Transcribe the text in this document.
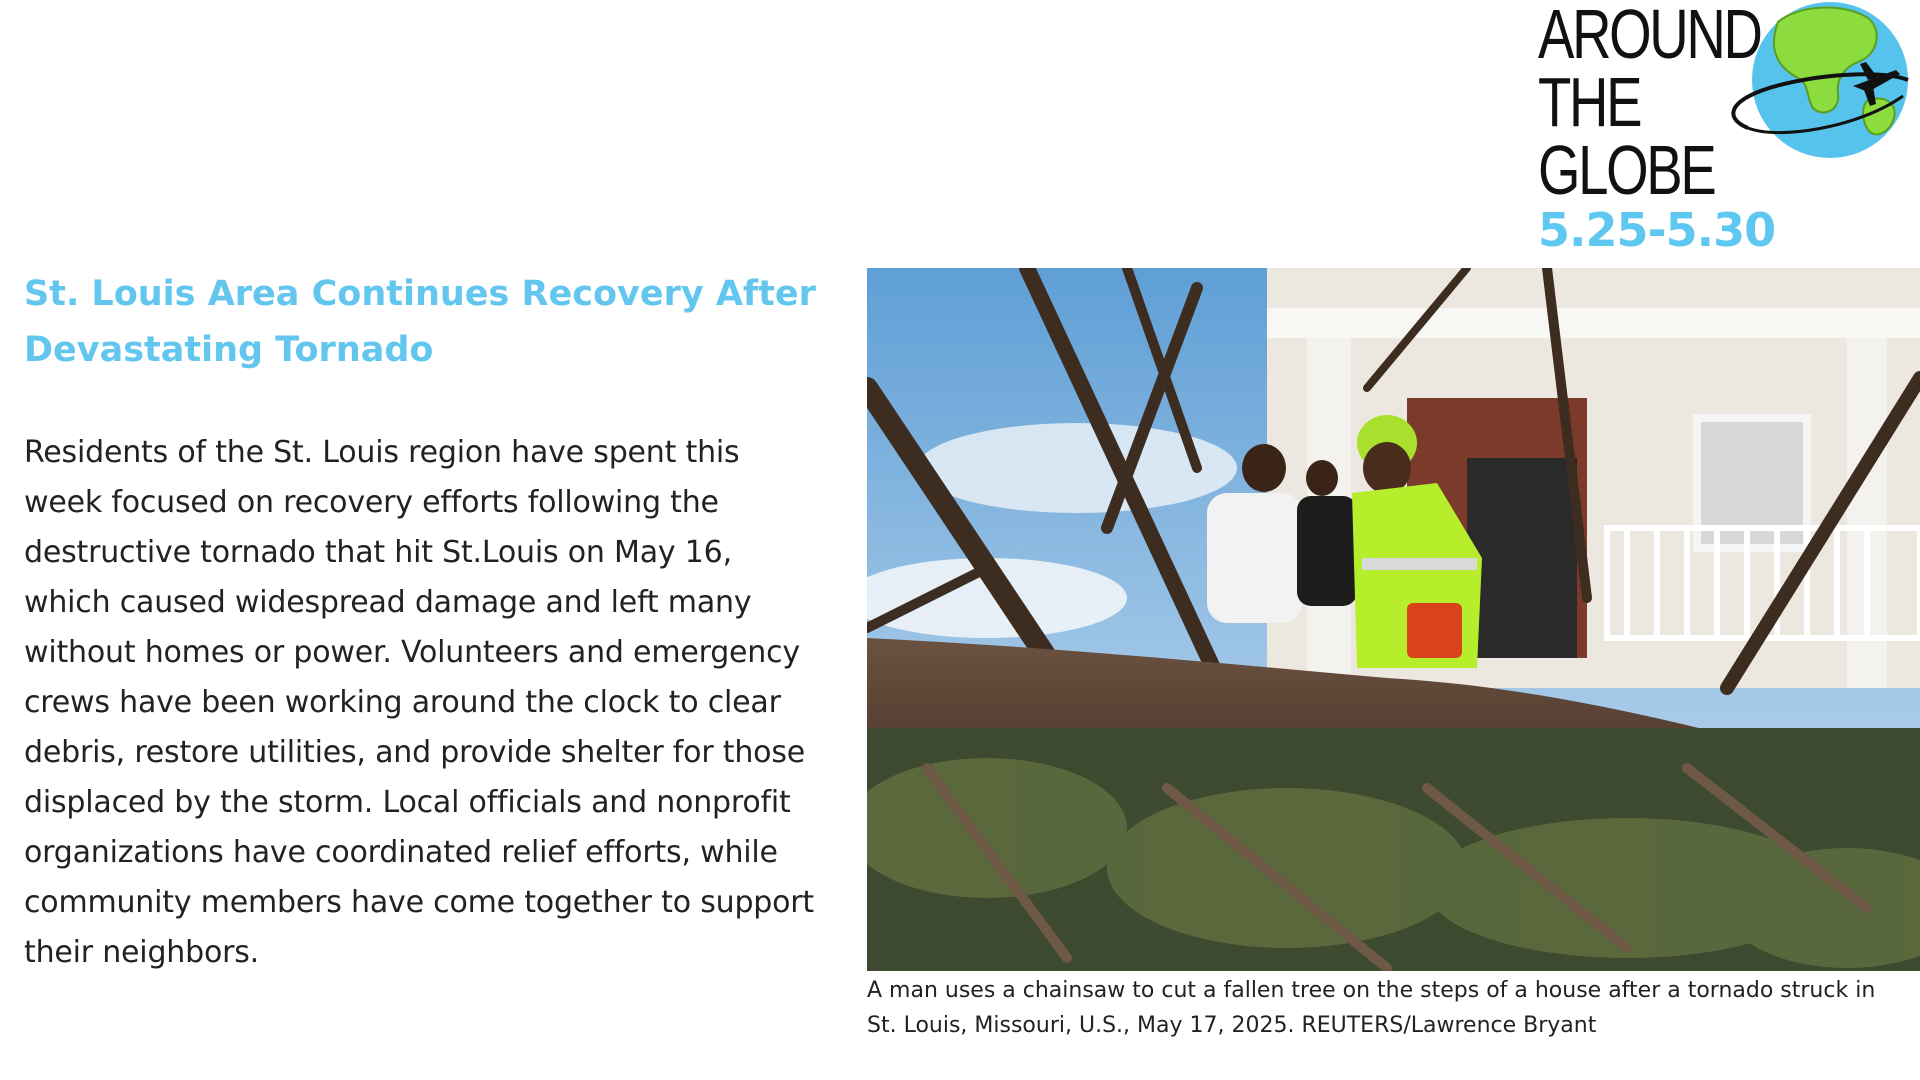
AROUND
THE
GLOBE
5.25-5.30
St. Louis Area Continues Recovery After
Devastating Tornado
Residents of the St. Louis region have spent this
week focused on recovery efforts following the
destructive tornado that hit St.Louis on May 16,
which caused widespread damage and left many
without homes or power. Volunteers and emergency
crews have been working around the clock to clear
debris, restore utilities, and provide shelter for those
displaced by the storm. Local officials and nonprofit
organizations have coordinated relief efforts, while
community members have come together to support
their neighbors.
A man uses a chainsaw to cut a fallen tree on the steps of a house after a tornado struck in
St. Louis, Missouri, U.S., May 17, 2025. REUTERS/Lawrence Bryant
